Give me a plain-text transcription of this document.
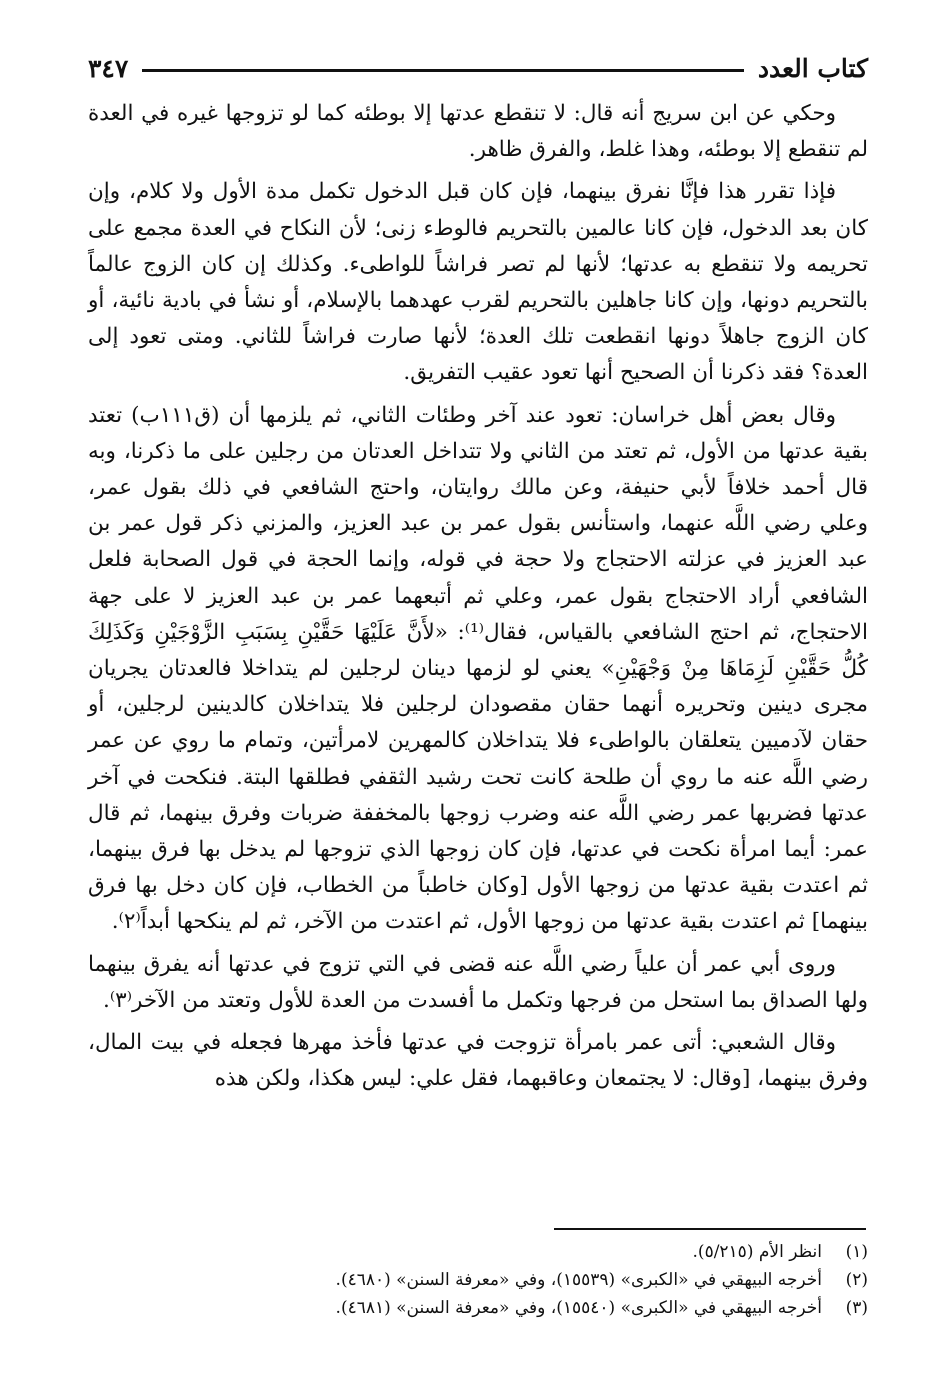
٣٤٧	كتاب العدد

وحكي عن ابن سريج أنه قال: لا تنقطع عدتها إلا بوطئه كما لو تزوجها غيره في العدة لم تنقطع إلا بوطئه، وهذا غلط، والفرق ظاهر.

فإذا تقرر هذا فإنَّا نفرق بينهما، فإن كان قبل الدخول تكمل مدة الأول ولا كلام، وإن كان بعد الدخول، فإن كانا عالمين بالتحريم فالوطء زنى؛ لأن النكاح في العدة مجمع على تحريمه ولا تنقطع به عدتها؛ لأنها لم تصر فراشاً للواطىء. وكذلك إن كان الزوج عالماً بالتحريم دونها، وإن كانا جاهلين بالتحريم لقرب عهدهما بالإسلام، أو نشأ في بادية نائية، أو كان الزوج جاهلاً دونها انقطعت تلك العدة؛ لأنها صارت فراشاً للثاني. ومتى تعود إلى العدة؟ فقد ذكرنا أن الصحيح أنها تعود عقيب التفريق.

وقال بعض أهل خراسان: تعود عند آخر وطئات الثاني، ثم يلزمها أن (ق١١١ب) تعتد بقية عدتها من الأول، ثم تعتد من الثاني ولا تتداخل العدتان من رجلين على ما ذكرنا، وبه قال أحمد خلافاً لأبي حنيفة، وعن مالك روايتان، واحتج الشافعي في ذلك بقول عمر، وعلي رضي اللَّه عنهما، واستأنس بقول عمر بن عبد العزيز، والمزني ذكر قول عمر بن عبد العزيز في عزلته الاحتجاج ولا حجة في قوله، وإنما الحجة في قول الصحابة فلعل الشافعي أراد الاحتجاج بقول عمر، وعلي ثم أتبعهما عمر بن عبد العزيز لا على جهة الاحتجاج، ثم احتج الشافعي بالقياس، فقال⁽¹⁾: «لأَنَّ عَلَيْهَا حَقَّيْنِ بِسَبَبِ الزَّوْجَيْنِ وَكَذَلِكَ كُلُّ حَقَّيْنِ لَزِمَاهَا مِنْ وَجْهَيْنِ» يعني لو لزمها دينان لرجلين لم يتداخلا فالعدتان يجريان مجرى دينين وتحريره أنهما حقان مقصودان لرجلين فلا يتداخلان كالدينين لرجلين، أو حقان لآدميين يتعلقان بالواطىء فلا يتداخلان كالمهرين لامرأتين، وتمام ما روي عن عمر رضي اللَّه عنه ما روي أن طلحة كانت تحت رشيد الثقفي فطلقها البتة. فنكحت في آخر عدتها فضربها عمر رضي اللَّه عنه وضرب زوجها بالمخففة ضربات وفرق بينهما، ثم قال عمر: أيما امرأة نكحت في عدتها، فإن كان زوجها الذي تزوجها لم يدخل بها فرق بينهما، ثم اعتدت بقية عدتها من زوجها الأول [وكان خاطباً من الخطاب، فإن كان دخل بها فرق بينهما] ثم اعتدت بقية عدتها من زوجها الأول، ثم اعتدت من الآخر، ثم لم ينكحها أبداً⁽٢⁾.

وروى أبي عمر أن علياً رضي اللَّه عنه قضى في التي تزوج في عدتها أنه يفرق بينهما ولها الصداق بما استحل من فرجها وتكمل ما أفسدت من العدة للأول وتعتد من الآخر⁽٣⁾.

وقال الشعبي: أتى عمر بامرأة تزوجت في عدتها فأخذ مهرها فجعله في بيت المال، وفرق بينهما، [وقال: لا يجتمعان وعاقبهما، فقل علي: ليس هكذا، ولكن هذه

(١)
انظر الأم (٥/٢١٥).
(٢)
أخرجه البيهقي في «الكبرى» (١٥٥٣٩)، وفي «معرفة السنن» (٤٦٨٠).
(٣)
أخرجه البيهقي في «الكبرى» (١٥٥٤٠)، وفي «معرفة السنن» (٤٦٨١).
